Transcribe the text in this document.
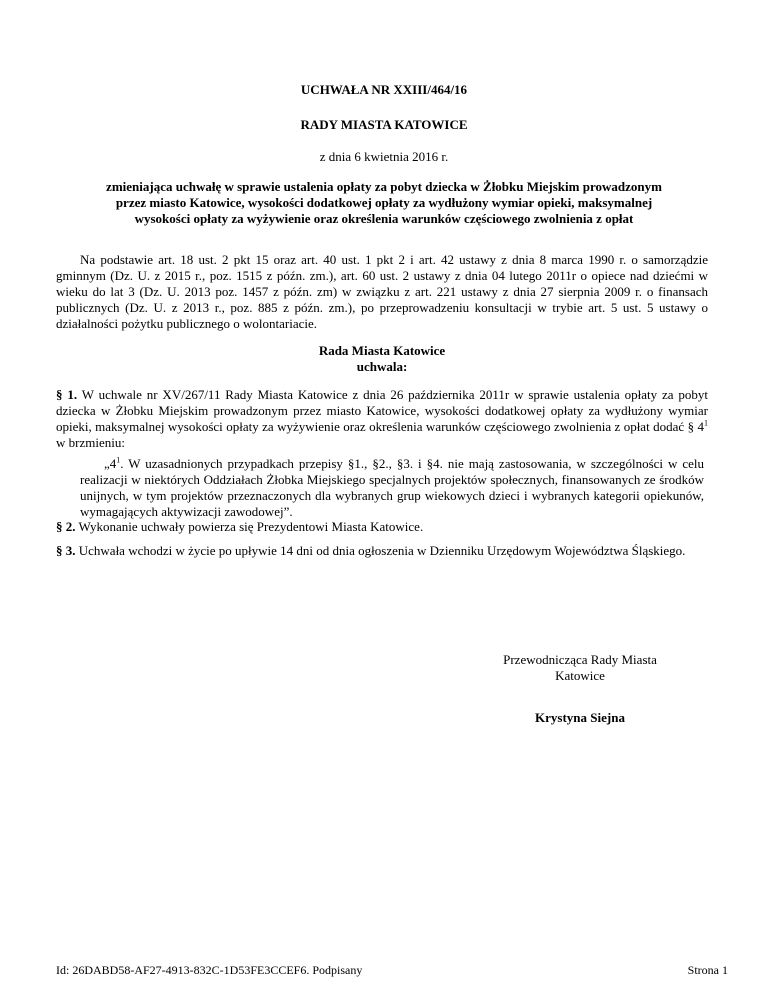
UCHWAŁA NR XXIII/464/16
RADY MIASTA KATOWICE
z dnia 6 kwietnia 2016 r.
zmieniająca uchwałę w sprawie ustalenia opłaty za pobyt dziecka w Żłobku Miejskim prowadzonym
przez miasto Katowice, wysokości dodatkowej opłaty za wydłużony wymiar opieki, maksymalnej
wysokości opłaty za wyżywienie oraz określenia warunków częściowego zwolnienia z opłat
Na podstawie art. 18 ust. 2 pkt 15 oraz art. 40 ust. 1 pkt 2 i art. 42 ustawy z dnia 8 marca 1990 r. o samorządzie gminnym (Dz. U. z 2015 r., poz. 1515 z późn. zm.), art. 60 ust. 2 ustawy z dnia 04 lutego 2011r o opiece nad dziećmi w wieku do lat 3 (Dz. U. 2013 poz. 1457 z późn. zm) w związku z art. 221 ustawy z dnia 27 sierpnia 2009 r. o finansach publicznych (Dz. U. z 2013 r., poz. 885 z późn. zm.), po przeprowadzeniu konsultacji w trybie art. 5 ust. 5 ustawy o działalności pożytku publicznego o wolontariacie.
Rada Miasta Katowice
uchwala:
§ 1. W uchwale nr XV/267/11 Rady Miasta Katowice z dnia 26 października 2011r w sprawie ustalenia opłaty za pobyt dziecka w Żłobku Miejskim prowadzonym przez miasto Katowice, wysokości dodatkowej opłaty za wydłużony wymiar opieki, maksymalnej wysokości opłaty za wyżywienie oraz określenia warunków częściowego zwolnienia z opłat dodać § $4^1$ w brzmieniu:
$„4^1$. W uzasadnionych przypadkach przepisy §1., §2., §3. i §4. nie mają zastosowania, w szczególności w celu realizacji w niektórych Oddziałach Żłobka Miejskiego specjalnych projektów społecznych, finansowanych ze środków unijnych, w tym projektów przeznaczonych dla wybranych grup wiekowych dzieci i wybranych kategorii opiekunów, wymagających aktywizacji zawodowej”.
§ 2. Wykonanie uchwały powierza się Prezydentowi Miasta Katowice.
§ 3. Uchwała wchodzi w życie po upływie 14 dni od dnia ogłoszenia w Dzienniku Urzędowym Województwa Śląskiego.
Przewodnicząca Rady Miasta
Katowice
Krystyna Siejna
Id: 26DABD58-AF27-4913-832C-1D53FE3CCEF6. Podpisany	Strona 1
